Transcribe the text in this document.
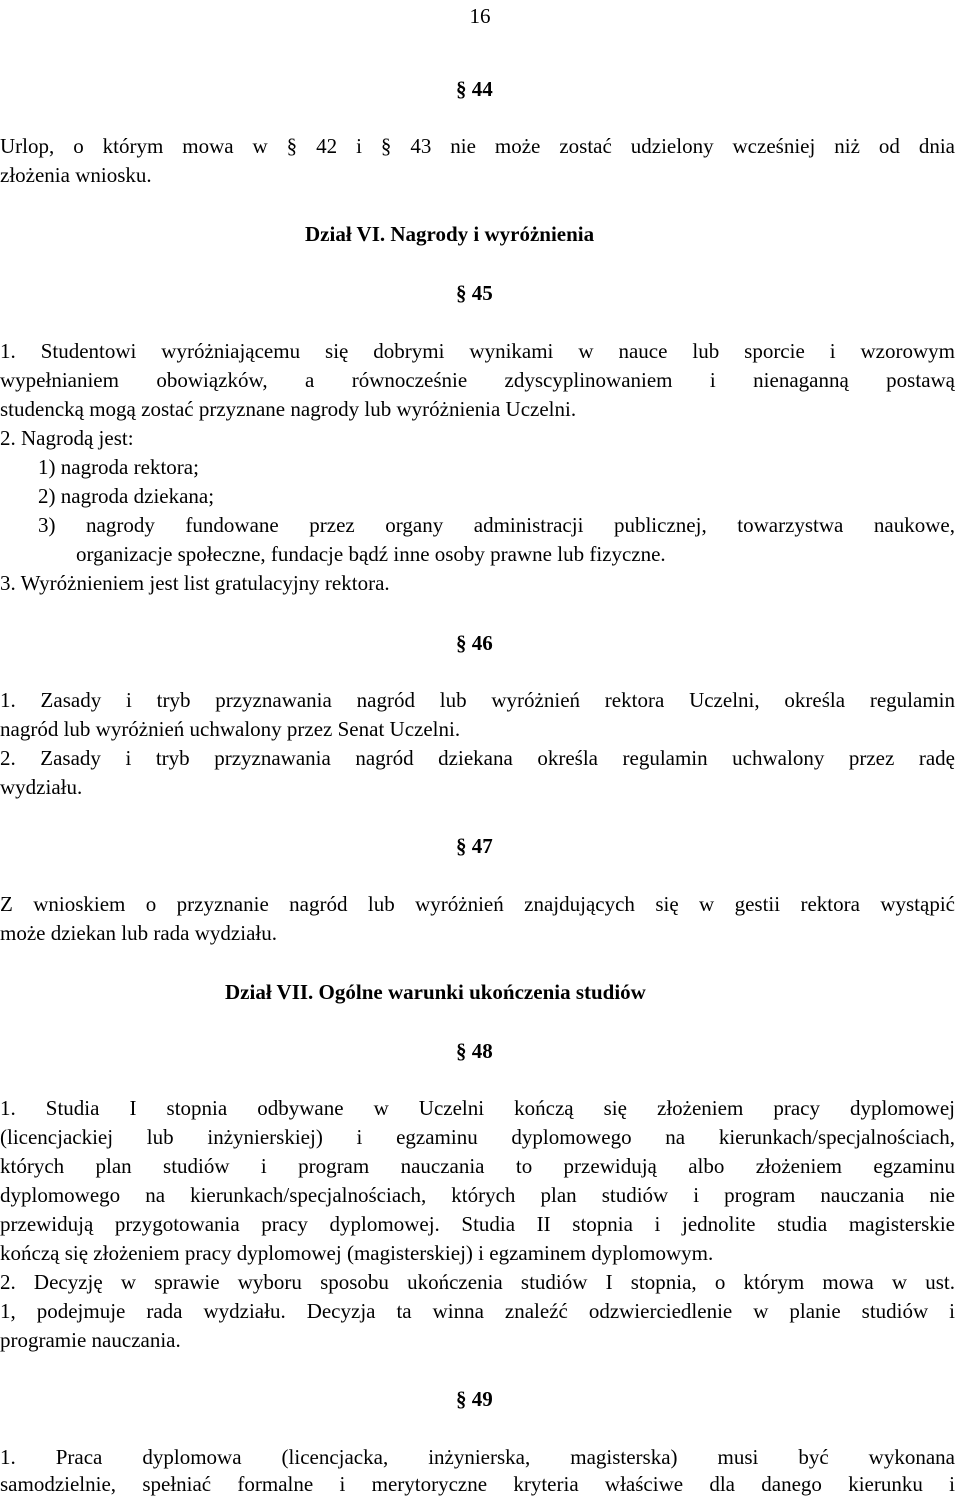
16
§ 44
Urlop, o którym mowa w § 42 i § 43 nie może zostać udzielony wcześniej niż od dnia
złożenia wniosku.
Dział VI. Nagrody i wyróżnienia
§ 45
1. Studentowi wyróżniającemu się dobrymi wynikami w nauce lub sporcie i wzorowym
wypełnianiem obowiązków, a równocześnie zdyscyplinowaniem i nienaganną postawą
studencką mogą zostać przyznane nagrody lub wyróżnienia Uczelni.
2. Nagrodą jest:
1) nagroda rektora;
2) nagroda dziekana;
3) nagrody fundowane przez organy administracji publicznej, towarzystwa naukowe,
organizacje społeczne, fundacje bądź inne osoby prawne lub fizyczne.
3. Wyróżnieniem jest list gratulacyjny rektora.
§ 46
1. Zasady i tryb przyznawania nagród lub wyróżnień rektora Uczelni, określa regulamin
nagród lub wyróżnień uchwalony przez Senat Uczelni.
2. Zasady i tryb przyznawania nagród dziekana określa regulamin uchwalony przez radę
wydziału.
§ 47
Z wnioskiem o przyznanie nagród lub wyróżnień znajdujących się w gestii rektora wystąpić
może dziekan lub rada wydziału.
Dział VII. Ogólne warunki ukończenia studiów
§ 48
1. Studia I stopnia odbywane w Uczelni kończą się złożeniem pracy dyplomowej
(licencjackiej lub inżynierskiej) i egzaminu dyplomowego na kierunkach/specjalnościach,
których plan studiów i program nauczania to przewidują albo złożeniem egzaminu
dyplomowego na kierunkach/specjalnościach, których plan studiów i program nauczania nie
przewidują przygotowania pracy dyplomowej. Studia II stopnia i jednolite studia magisterskie
kończą się złożeniem pracy dyplomowej (magisterskiej) i egzaminem dyplomowym.
2. Decyzję w sprawie wyboru sposobu ukończenia studiów I stopnia, o którym mowa w ust.
1, podejmuje rada wydziału. Decyzja ta winna znaleźć odzwierciedlenie w planie studiów i
programie nauczania.
§ 49
1. Praca dyplomowa (licencjacka, inżynierska, magisterska) musi być wykonana
samodzielnie, spełniać formalne i merytoryczne kryteria właściwe dla danego kierunku i
